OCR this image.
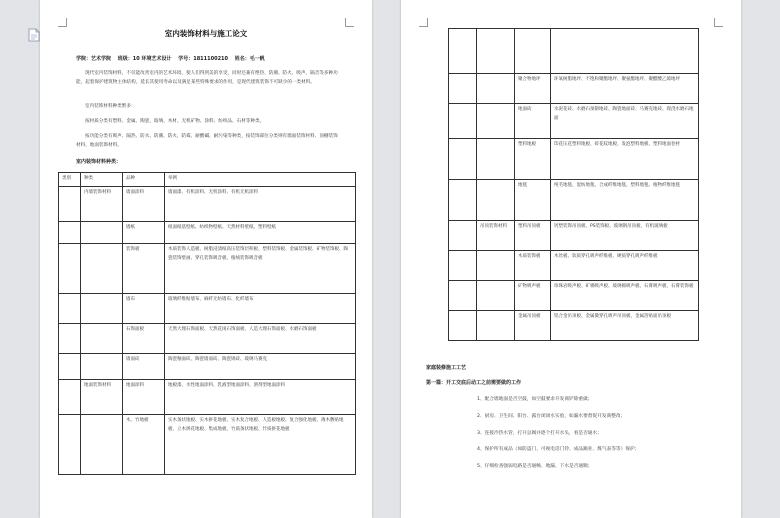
室内装饰材料与施工论文
学院：艺术学院 班级：10 环境艺术设计 学号：1811100210 姓名：毛一帆
现代室内装饰材料，不仅能改善室内的艺术环境，使人们得到美的享受，同时还兼有绝热、防潮、防火、吸声、隔音等多种功能，起着保护建筑物主体结构，延长其使用寿命以及满足某些特殊要求的作用，是现代建筑装饰不可缺少的一类材料。
室内装饰材料种类繁多：
按材质分类有塑料、金属、陶瓷、玻璃、木材、无机矿物、涂料、纺织品、石材等种类。
按功能分类有吸声、隔热、防水、防潮、防火、防霉、耐酸碱、耐污染等种类，按装饰部位分类则有墙面装饰材料、顶棚装饰材料、地面装饰材料。
室内装饰材料种类：
类别	种类	品种	举例
	内墙装饰材料	墙面涂料	墙面漆、有机涂料、无机涂料、有机无机涂料
		墙纸	纸面纸基壁纸、纺织物壁纸、天然材料壁纸、塑料壁纸
		装饰板	木质装饰人造板、树脂浸渍纸高压装饰层积板、塑料装饰板、金属装饰板、矿物装饰板、陶瓷装饰壁画、穿孔装饰吸音板、植绒装饰吸音板
		墙布	玻璃纤维贴墙布、麻纤无纺墙布、化纤墙布
		石饰面板	天然大理石饰面板、天然花岗石饰面板、人造大理石饰面板、水磨石饰面板
		墙面砖	陶瓷釉面砖、陶瓷墙面砖、陶瓷锦砖、玻璃马赛克
	地面装饰材料	地面涂料	地板漆、水性地面涂料、乳液型地面涂料、溶剂型地面涂料
		木、竹地板	实木条状地板、实木拼花地板、实木复合地板、人造板地板、复合强化地板、薄木敷贴地板、立木拼花地板、集成地板、竹质条状地板、竹质拼花地板

		聚合物地坪	环氧树脂地坪、不饱和聚酯地坪、聚氨酯地坪、聚醋酸乙烯地坪
		地面砖	水泥花砖、水磨石预制地砖、陶瓷地面砖、马赛克地砖、现浇水磨石地面
		塑料地板	印花压花塑料地板、碎花纹地板、发泡塑料地板、塑料地面卷材
		地毯	纯毛地毯、混纺地毯、合成纤维地毯、塑料地毯、植物纤维地毯
	吊顶装饰材料	塑料吊顶板	钙塑装饰吊顶板、PS装饰板、玻璃钢吊顶板、有机玻璃板
		木质装饰板	木丝板、软质穿孔吸声纤维板、硬质穿孔吸声纤维板
		矿物吸声板	珍珠岩吸声板、矿棉吸声板、玻璃棉吸声板、石膏吸声板、石膏装饰板
		金属吊顶板	铝合金吊顶板、金属微穿孔吸声吊顶板、金属箔贴面吊顶板
家庭装修施工工艺
第一篇：开工交底后动工之前需要做的工作
1、配合墙地面是否空鼓，如空鼓要求开发商铲除重做；
2、厨房、卫生间、阳台、露台闭闭水实验，如漏水要督促开发商整改；
3、连接冷热水管，打开总阀并逐个打开水头，看是否通水；
4、保护所有成品（如防盗门、可视电话门铃、成品踢业、煤气表等等）保护；
5、仔细检查强弱电路是否通畅、地漏、下水是否通顺；
